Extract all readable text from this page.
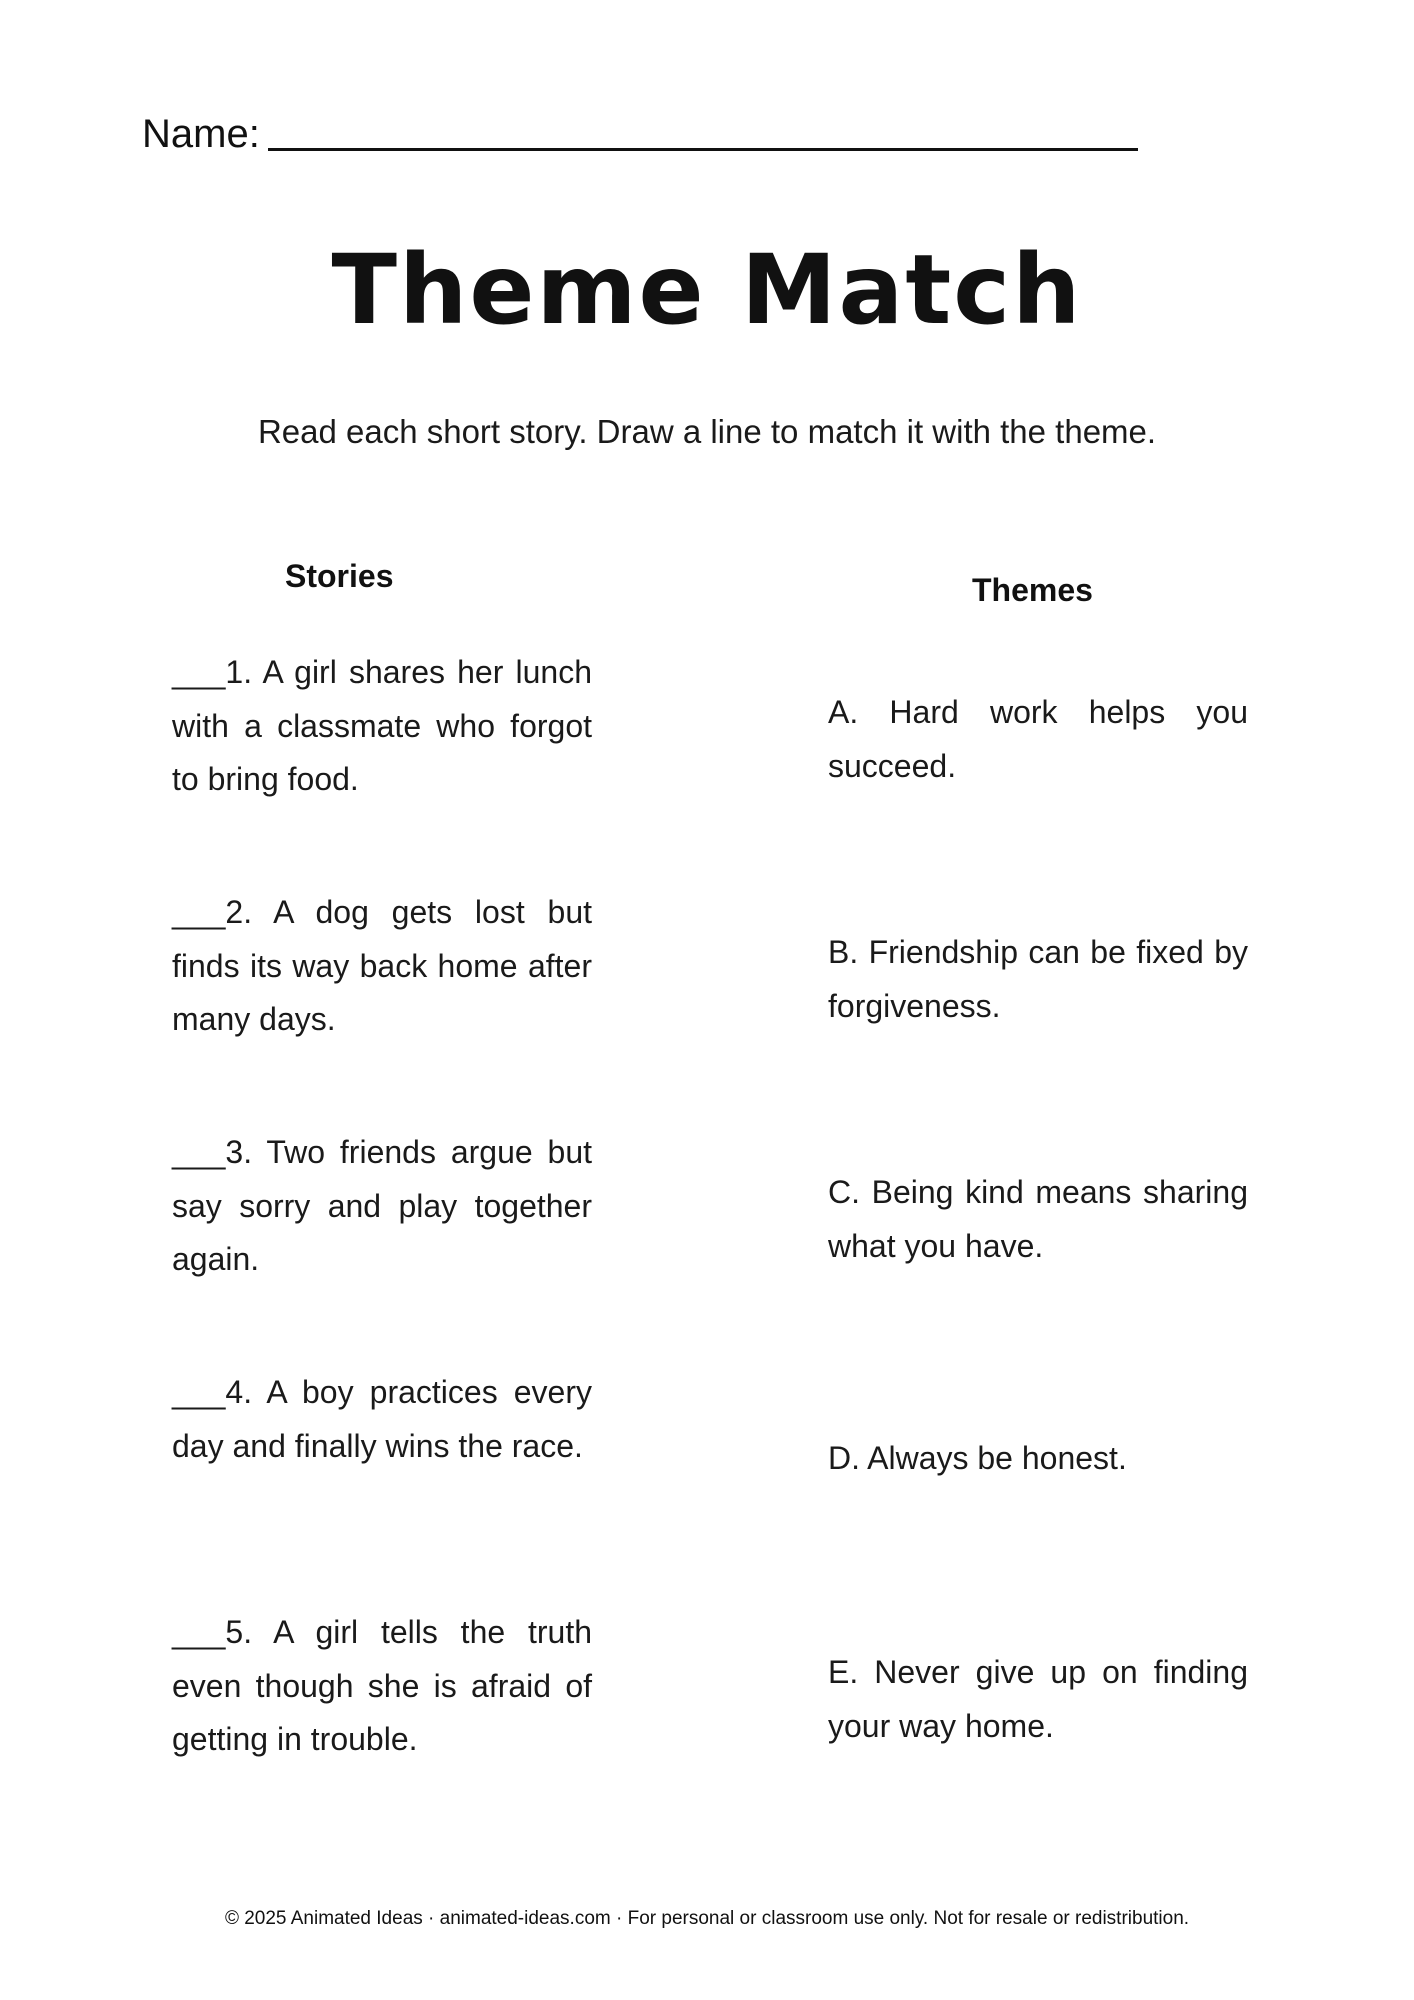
Name:
Theme Match
Read each short story. Draw a line to match it with the theme.
Stories	Themes
___1. A girl shares her lunch with a classmate who forgot to bring food.
___2. A dog gets lost but finds its way back home after many days.
___3. Two friends argue but say sorry and play together again.
___4. A boy practices every day and finally wins the race.
___5. A girl tells the truth even though she is afraid of getting in trouble.
A. Hard work helps you succeed.
B. Friendship can be fixed by forgiveness.
C. Being kind means sharing what you have.
D. Always be honest.
E. Never give up on finding your way home.
© 2025 Animated Ideas · animated-ideas.com · For personal or classroom use only. Not for resale or redistribution.
